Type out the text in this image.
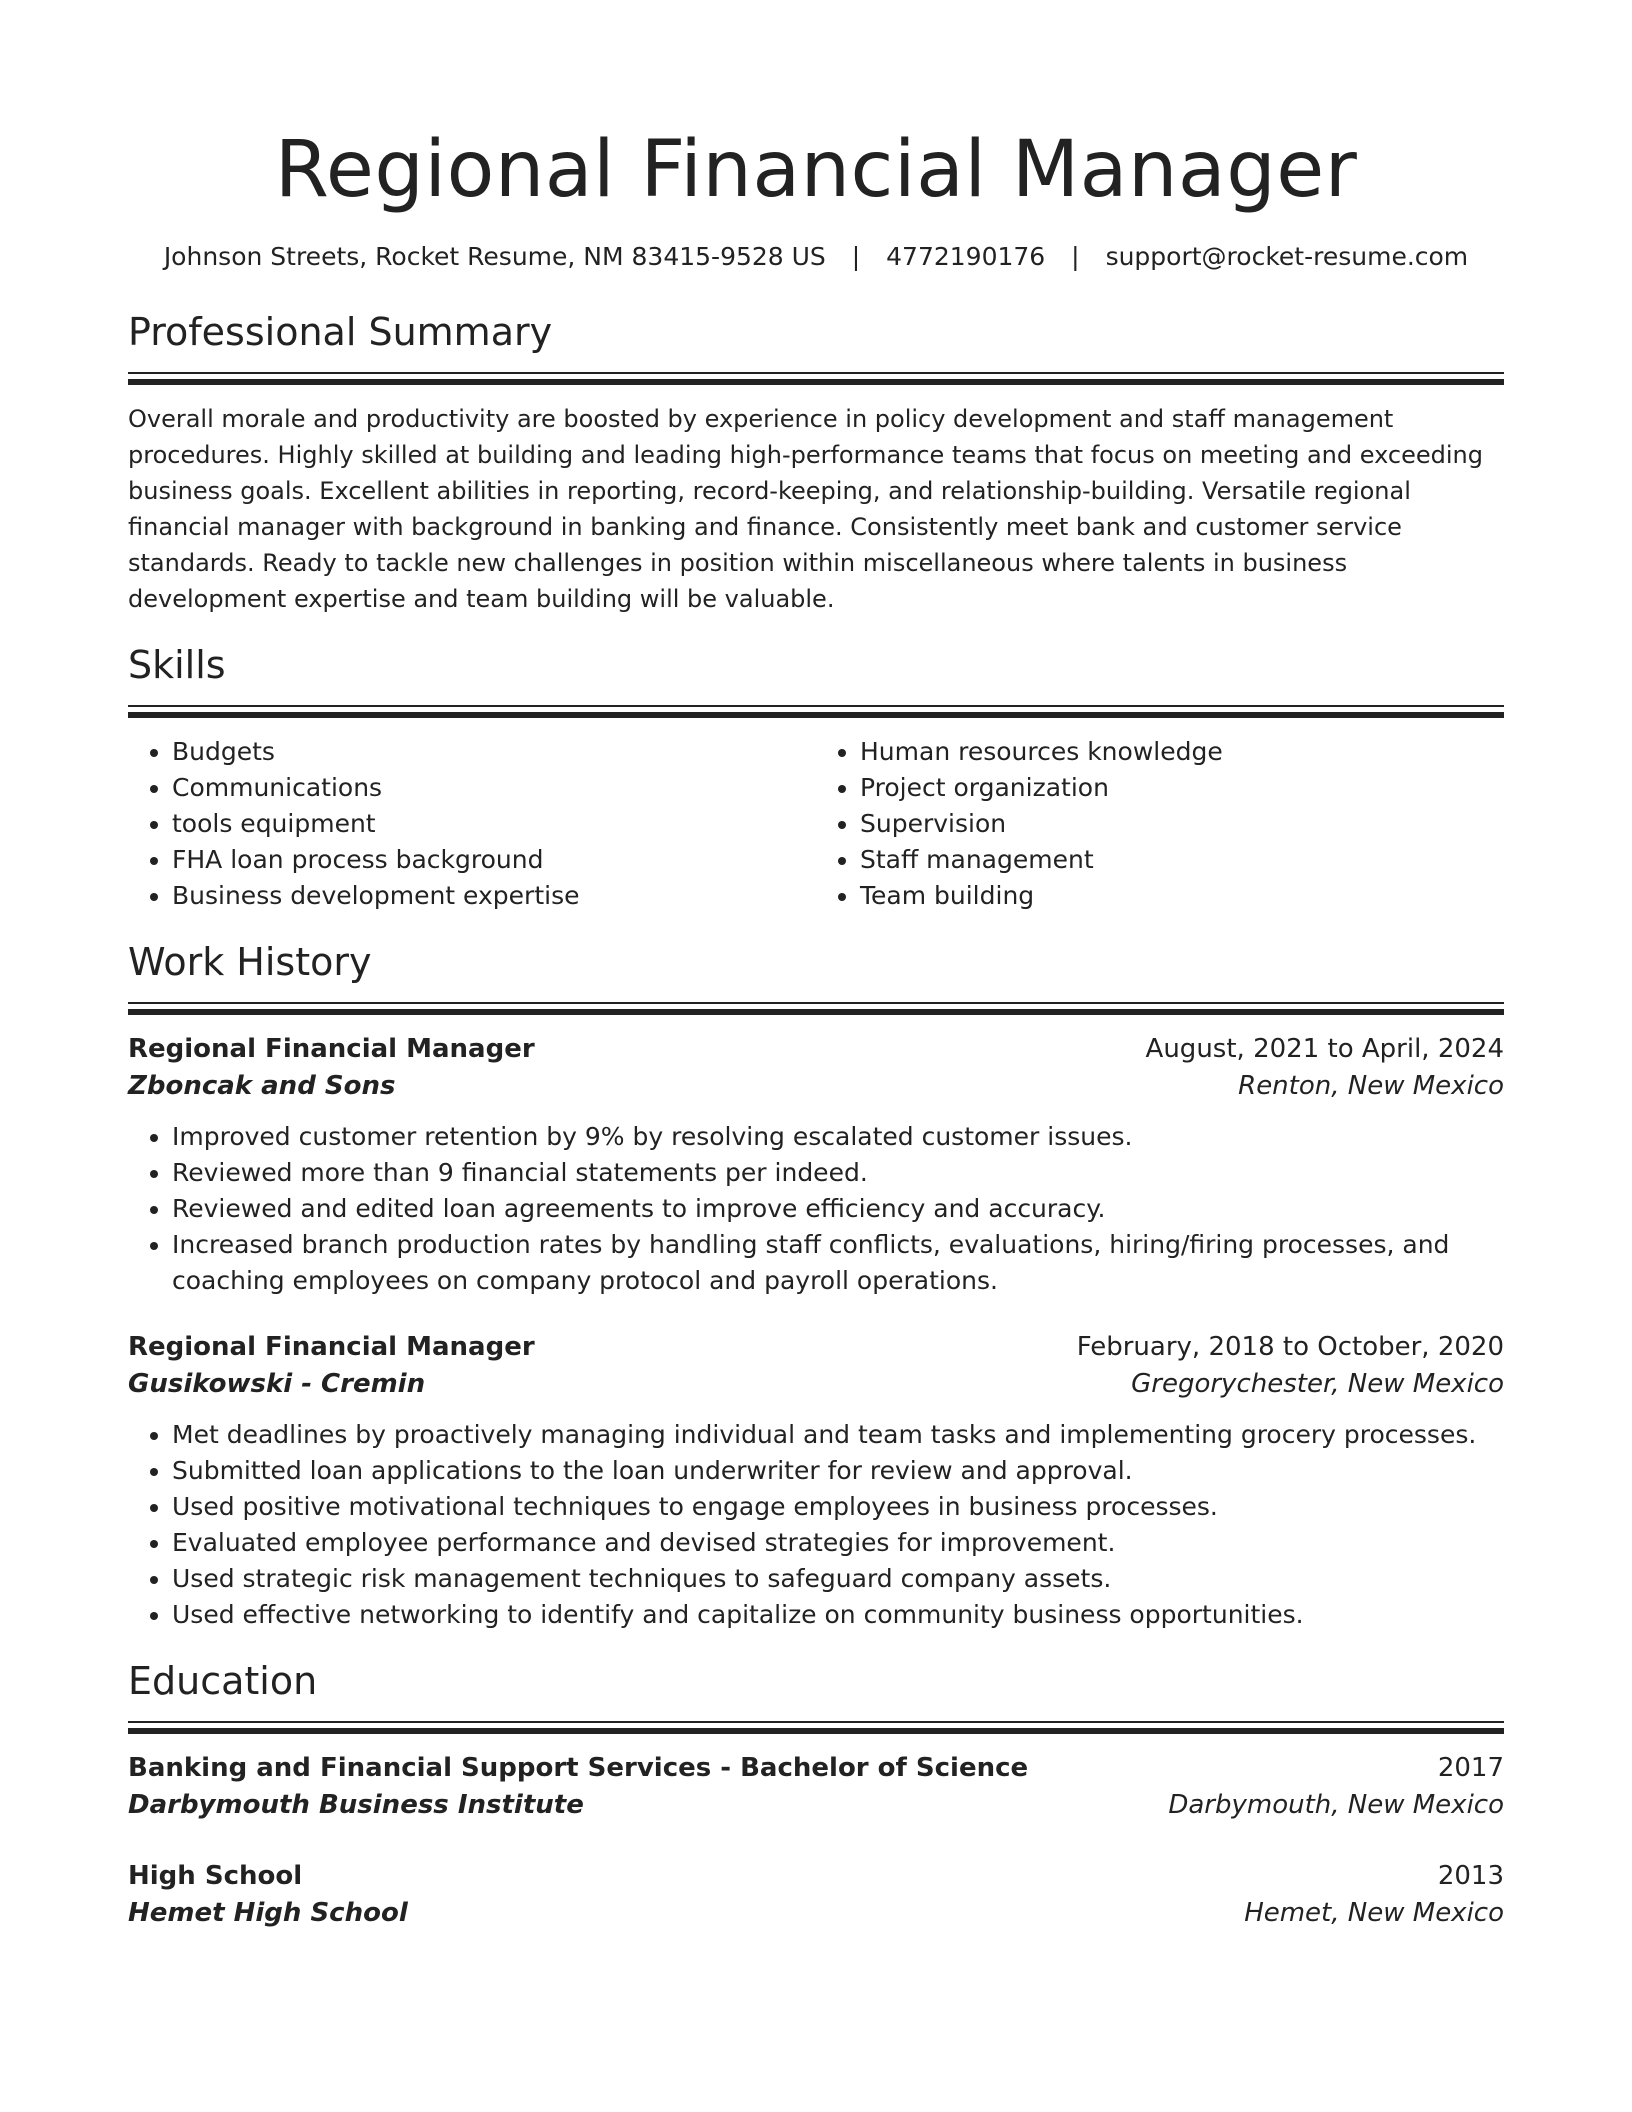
Regional Financial Manager
Johnson Streets, Rocket Resume, NM 83415-9528 US | 4772190176 | support@rocket-resume.com
Professional Summary

Overall morale and productivity are boosted by experience in policy development and staff management procedures. Highly skilled at building and leading high-performance teams that focus on meeting and exceeding business goals. Excellent abilities in reporting, record-keeping, and relationship-building. Versatile regional financial manager with background in banking and finance. Consistently meet bank and customer service standards. Ready to tackle new challenges in position within miscellaneous where talents in business development expertise and team building will be valuable.

Skills
• Budgets
• Communications
• tools equipment
• FHA loan process background
• Business development expertise
• Human resources knowledge
• Project organization
• Supervision
• Staff management
• Team building
Work History
Regional Financial Manager	August, 2021 to April, 2024
Zboncak and Sons	Renton, New Mexico
• Improved customer retention by 9% by resolving escalated customer issues.
• Reviewed more than 9 financial statements per indeed.
• Reviewed and edited loan agreements to improve efficiency and accuracy.
• Increased branch production rates by handling staff conflicts, evaluations, hiring/firing processes, and coaching employees on company protocol and payroll operations.
Regional Financial Manager	February, 2018 to October, 2020
Gusikowski - Cremin	Gregorychester, New Mexico
• Met deadlines by proactively managing individual and team tasks and implementing grocery processes.
• Submitted loan applications to the loan underwriter for review and approval.
• Used positive motivational techniques to engage employees in business processes.
• Evaluated employee performance and devised strategies for improvement.
• Used strategic risk management techniques to safeguard company assets.
• Used effective networking to identify and capitalize on community business opportunities.
Education
Banking and Financial Support Services - Bachelor of Science	2017
Darbymouth Business Institute	Darbymouth, New Mexico
High School	2013
Hemet High School	Hemet, New Mexico
